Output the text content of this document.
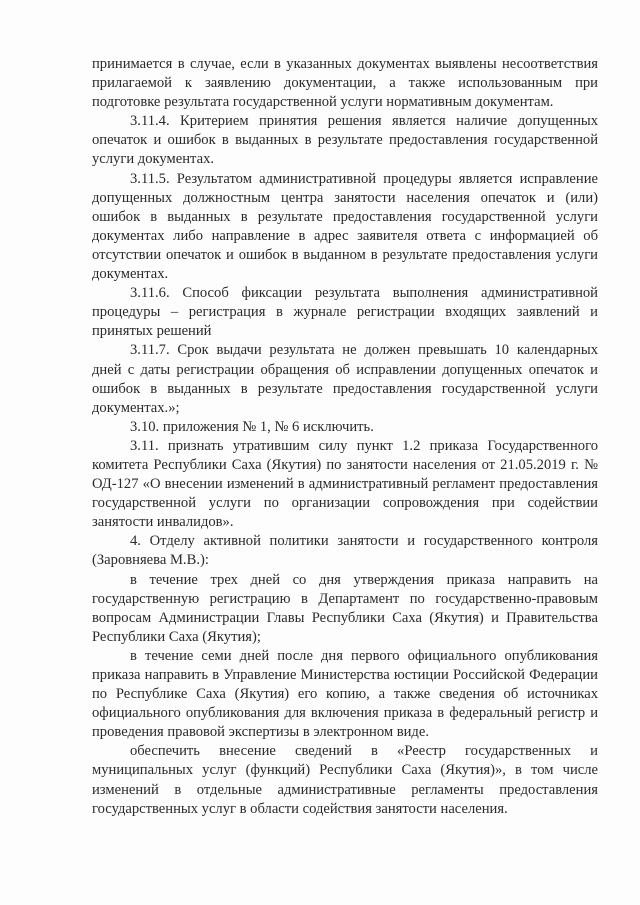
принимается в случае, если в указанных документах выявлены несоответствия прилагаемой к заявлению документации, а также использованным при подготовке результата государственной услуги нормативным документам.

3.11.4. Критерием принятия решения является наличие допущенных опечаток и ошибок в выданных в результате предоставления государственной услуги документах.

3.11.5. Результатом административной процедуры является исправление допущенных должностным центра занятости населения опечаток и (или) ошибок в выданных в результате предоставления государственной услуги документах либо направление в адрес заявителя ответа с информацией об отсутствии опечаток и ошибок в выданном в результате предоставления услуги документах.

3.11.6. Способ фиксации результата выполнения административной процедуры – регистрация в журнале регистрации входящих заявлений и принятых решений

3.11.7. Срок выдачи результата не должен превышать 10 календарных дней с даты регистрации обращения об исправлении допущенных опечаток и ошибок в выданных в результате предоставления государственной услуги документах.»;

3.10. приложения № 1, № 6 исключить.

3.11. признать утратившим силу пункт 1.2 приказа Государственного комитета Республики Саха (Якутия) по занятости населения от 21.05.2019 г. № ОД-127 «О внесении изменений в административный регламент предоставления государственной услуги по организации сопровождения при содействии занятости инвалидов».

4. Отделу активной политики занятости и государственного контроля (Заровняева М.В.):

в течение трех дней со дня утверждения приказа направить на государственную регистрацию в Департамент по государственно-правовым вопросам Администрации Главы Республики Саха (Якутия) и Правительства Республики Саха (Якутия);

в течение семи дней после дня первого официального опубликования приказа направить в Управление Министерства юстиции Российской Федерации по Республике Саха (Якутия) его копию, а также сведения об источниках официального опубликования для включения приказа в федеральный регистр и проведения правовой экспертизы в электронном виде.

обеспечить внесение сведений в «Реестр государственных и муниципальных услуг (функций) Республики Саха (Якутия)», в том числе изменений в отдельные административные регламенты предоставления государственных услуг в области содействия занятости населения.
